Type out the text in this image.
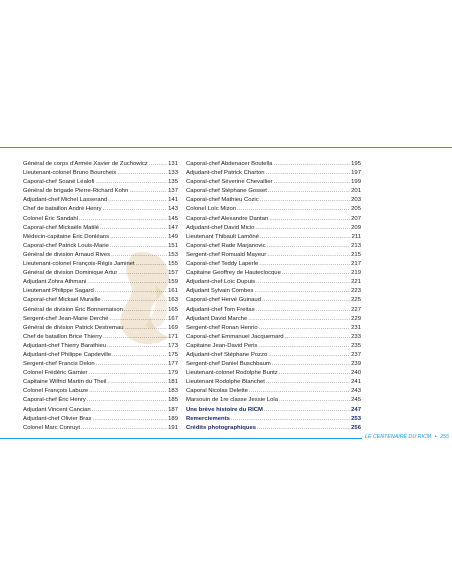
Général de corps d’Armée Xavier de Zuchowicz .....	131
Lieutenant-colonel Bruno Bourcheix .....	133
Caporal-chef Soané Léalofi .....	135
Général de brigade Pierre-Richard Kohn .....	137
Adjudant-chef Michel Lasserand .....	141
Chef de bataillon André Henry .....	143
Colonel Éric Sandahl .....	145
Caporal-chef Mickaële Matilé .....	147
Médecin-capitaine Éric Donléans .....	149
Caporal-chef Patrick Louis-Marie .....	151
Général de division Arnaud Rives .....	153
Lieutenant-colonel François-Régis Jaminet .....	155
Général de division Dominique Artur .....	157
Adjudant Zohra Athmani .....	159
Lieutenant Philippe Sagard .....	161
Caporal-chef Mickael Muraille .....	163
Général de division Éric Bonnemaison .....	165
Sergent-chef Jean-Marie Derché .....	167
Général de division Patrick Destremau .....	169
Chef de bataillon Brice Thierry .....	171
Adjudant-chef Thierry Barathieu .....	173
Adjudant-chef Philippe Capdeville .....	175
Sergent-chef Francis Delon .....	177
Colonel Frédéric Garnier .....	179
Capitaine Wilfrid Martin du Theil .....	181
Colonel François Labuze .....	183
Caporal-chef Éric Henry .....	185
Adjudant Vincent Cancian .....	187
Adjudant-chef Olivier Bras .....	189
Colonel Marc Conruyt .....	191
Caporal-chef Abdenacer Boutella .....	195
Adjudant-chef Patrick Charton .....	197
Caporal-chef Séverine Chevallier .....	199
Caporal-chef Stéphane Gosset .....	201
Caporal-chef Mathieu Cozic .....	203
Colonel Loïc Mizon .....	205
Caporal-chef Alexandre Dantan .....	207
Adjudant-chef David Micio .....	209
Lieutenant Thibault Lamôné .....	211
Caporal-chef Rade Marjanovic .....	213
Sergent-chef Romuald Mayeur .....	215
Caporal-chef Teddy Laperle .....	217
Capitaine Geoffrey de Hauteclocque .....	219
Adjudant-chef Loïc Dupuis .....	221
Adjudant Sylvain Combes .....	223
Caporal-chef Hervé Guinaud .....	225
Adjudant-chef Tom Freitas .....	227
Adjudant David Marche .....	229
Sergent-chef Ronan Henrio .....	231
Caporal-chef Emmanuel Jacquemard .....	233
Capitaine Jean-David Peris .....	235
Adjudant-chef Stéphane Pozzo .....	237
Sergent-chef Daniel Buschbaum .....	239
Lieutenant-colonel Rodolphe Buntz .....	240
Lieutenant Rodolphe Blanchet .....	241
Caporal Nicolas Delette .....	243
Marsouin de 1re classe Jessie Lola .....	245
Une brève histoire du RICM .....	247
Remerciements .....	253
Crédits photographiques .....	256
LE CENTENAIRE DU RICM • 255
